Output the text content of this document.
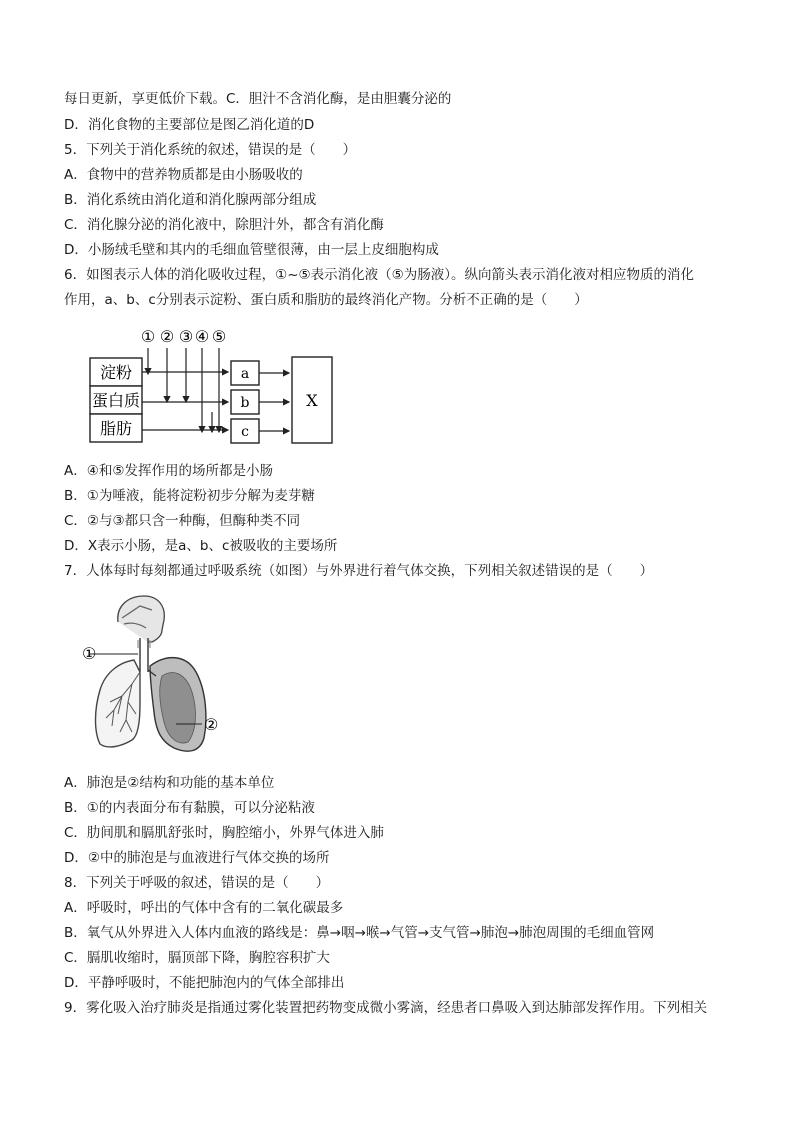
每日更新，享更低价下载。C．胆汁不含消化酶，是由胆囊分泌的
D．消化食物的主要部位是图乙消化道的D
5．下列关于消化系统的叙述，错误的是（　　）
A．食物中的营养物质都是由小肠吸收的
B．消化系统由消化道和消化腺两部分组成
C．消化腺分泌的消化液中，除胆汁外，都含有消化酶
D．小肠绒毛壁和其内的毛细血管壁很薄，由一层上皮细胞构成
6．如图表示人体的消化吸收过程，①~⑤表示消化液（⑤为肠液）。纵向箭头表示消化液对相应物质的消化
作用，a、b、c分别表示淀粉、蛋白质和脂肪的最终消化产物。分析不正确的是（　　）
① ② ③ ④ ⑤
淀粉
蛋白质
脂肪
a
b
c
X
A．④和⑤发挥作用的场所都是小肠
B．①为唾液，能将淀粉初步分解为麦芽糖
C．②与③都只含一种酶，但酶种类不同
D．X表示小肠，是a、b、c被吸收的主要场所
7．人体每时每刻都通过呼吸系统（如图）与外界进行着气体交换，下列相关叙述错误的是（　　）
①
②
A．肺泡是②结构和功能的基本单位
B．①的内表面分布有黏膜，可以分泌粘液
C．肋间肌和膈肌舒张时，胸腔缩小，外界气体进入肺
D．②中的肺泡是与血液进行气体交换的场所
8．下列关于呼吸的叙述，错误的是（　　）
A．呼吸时，呼出的气体中含有的二氧化碳最多
B．氧气从外界进入人体内血液的路线是：鼻→咽→喉→气管→支气管→肺泡→肺泡周围的毛细血管网
C．膈肌收缩时，膈顶部下降，胸腔容积扩大
D．平静呼吸时，不能把肺泡内的气体全部排出
9．雾化吸入治疗肺炎是指通过雾化装置把药物变成微小雾滴，经患者口鼻吸入到达肺部发挥作用。下列相关
